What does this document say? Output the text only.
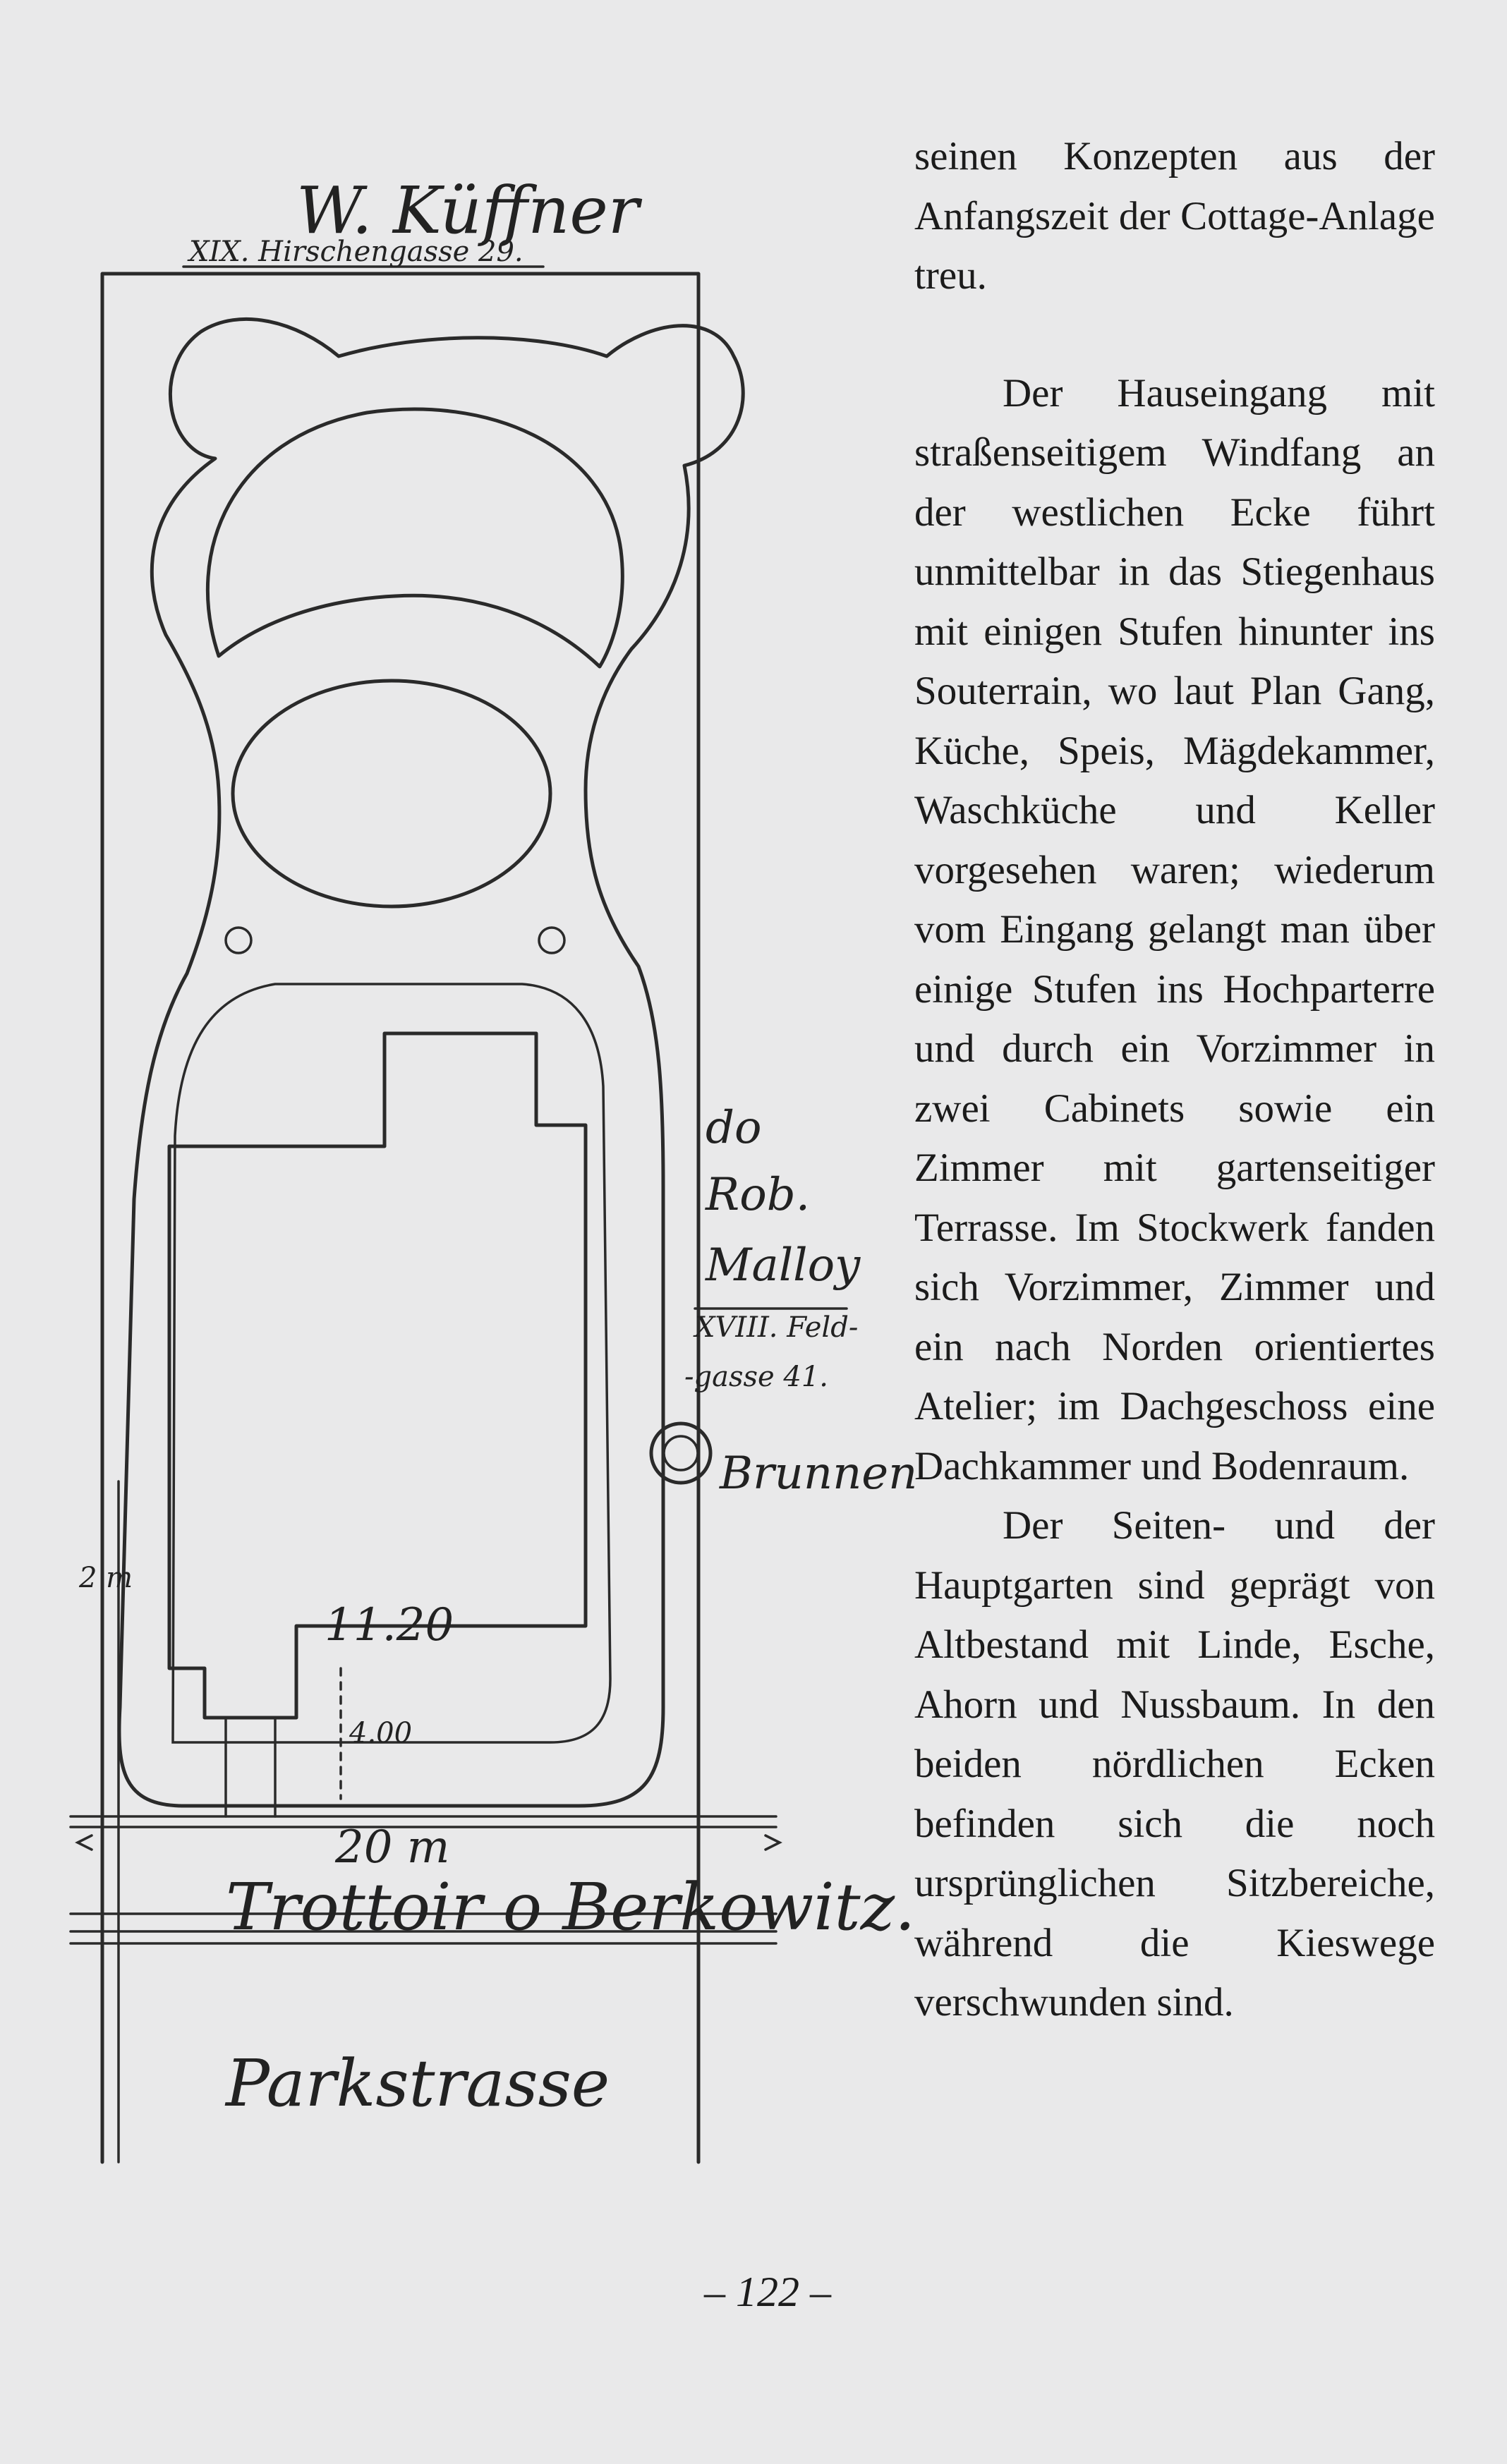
W. Küffner
XIX. Hirschengasse 29.
do
Rob.
Malloy
XVIII. Feld-
-gasse 41.
Brunnen
11.20
2 m
4.00
20 m
Trottoir o Berkowitz.
Parkstrasse

seinen Konzepten aus der Anfangszeit der Cottage-Anlage treu.

Der Hauseingang mit straßenseitigem Windfang an der westlichen Ecke führt unmittelbar in das Stiegenhaus mit einigen Stufen hinunter ins Souterrain, wo laut Plan Gang, Küche, Speis, Mägdekammer, Waschküche und Keller vorgesehen waren; wiederum vom Eingang gelangt man über einige Stufen ins Hochparterre und durch ein Vorzimmer in zwei Cabinets sowie ein Zimmer mit gartenseitiger Terrasse. Im Stockwerk fanden sich Vorzimmer, Zimmer und ein nach Norden orientiertes Atelier; im Dachgeschoss eine Dachkammer und Bodenraum.

Der Seiten- und der Hauptgarten sind geprägt von Altbestand mit Linde, Esche, Ahorn und Nussbaum. In den beiden nördlichen Ecken befinden sich die noch ursprünglichen Sitzbereiche, während die Kieswege verschwunden sind.

– 122 –
